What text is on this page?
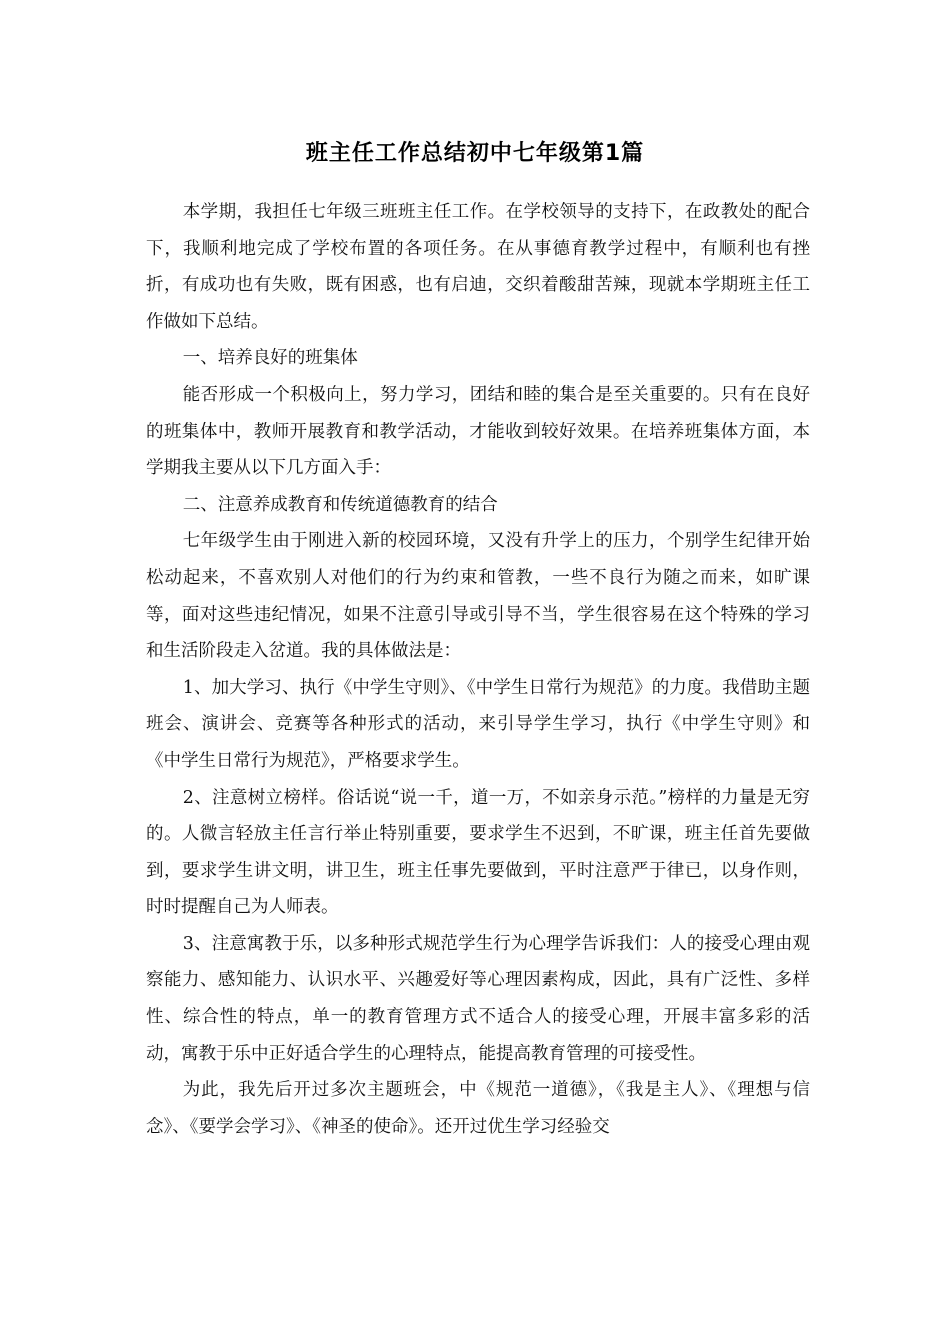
班主任工作总结初中七年级第1篇

本学期，我担任七年级三班班主任工作。在学校领导的支持下，在政教处的配合下，我顺利地完成了学校布置的各项任务。在从事德育教学过程中，有顺利也有挫折，有成功也有失败，既有困惑，也有启迪，交织着酸甜苦辣，现就本学期班主任工作做如下总结。

一、培养良好的班集体

能否形成一个积极向上，努力学习，团结和睦的集合是至关重要的。只有在良好的班集体中，教师开展教育和教学活动，才能收到较好效果。在培养班集体方面，本学期我主要从以下几方面入手：

二、注意养成教育和传统道德教育的结合

七年级学生由于刚进入新的校园环境，又没有升学上的压力，个别学生纪律开始松动起来，不喜欢别人对他们的行为约束和管教，一些不良行为随之而来，如旷课等，面对这些违纪情况，如果不注意引导或引导不当，学生很容易在这个特殊的学习和生活阶段走入岔道。我的具体做法是：

1、加大学习、执行《中学生守则》、《中学生日常行为规范》的力度。我借助主题班会、演讲会、竞赛等各种形式的活动，来引导学生学习，执行《中学生守则》和《中学生日常行为规范》，严格要求学生。

2、注意树立榜样。俗话说“说一千，道一万，不如亲身示范。”榜样的力量是无穷的。人微言轻放主任言行举止特别重要，要求学生不迟到，不旷课，班主任首先要做到，要求学生讲文明，讲卫生，班主任事先要做到，平时注意严于律已，以身作则，时时提醒自己为人师表。

3、注意寓教于乐，以多种形式规范学生行为心理学告诉我们：人的接受心理由观察能力、感知能力、认识水平、兴趣爱好等心理因素构成，因此，具有广泛性、多样性、综合性的特点，单一的教育管理方式不适合人的接受心理，开展丰富多彩的活动，寓教于乐中正好适合学生的心理特点，能提高教育管理的可接受性。

为此，我先后开过多次主题班会，中《规范一道德》，《我是主人》、《理想与信念》、《要学会学习》、《神圣的使命》。还开过优生学习经验交
